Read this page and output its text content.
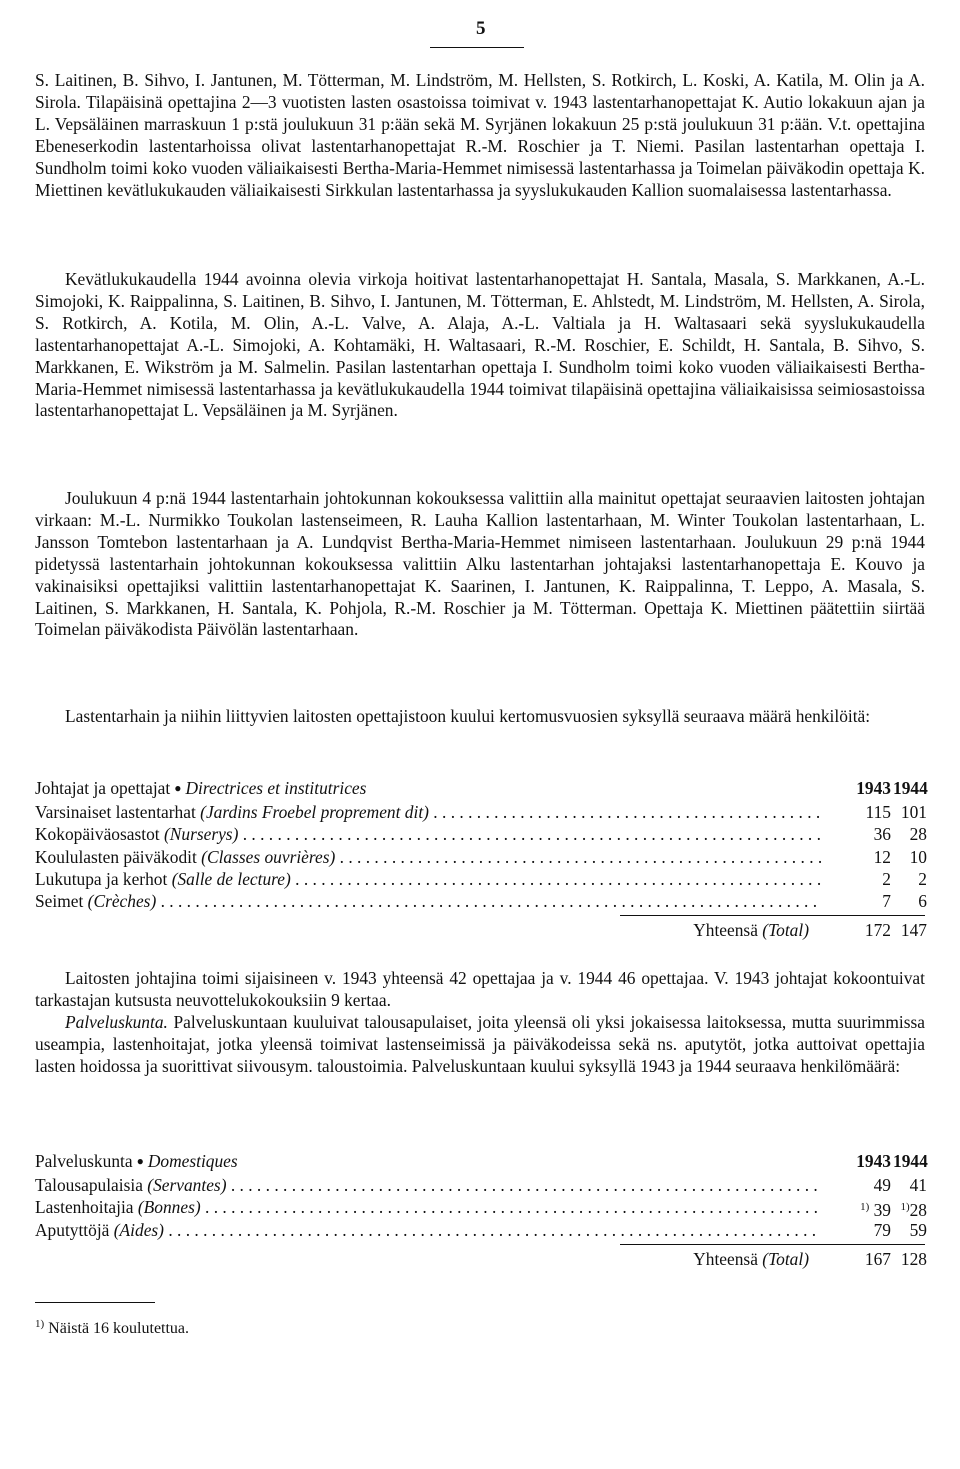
5

S. Laitinen, B. Sihvo, I. Jantunen, M. Tötterman, M. Lindström, M. Hellsten, S. Rotkirch, L. Koski, A. Katila, M. Olin ja A. Sirola. Tilapäisinä opettajina 2—3 vuotisten lasten osastoissa toimivat v. 1943 lastentarhanopettajat K. Autio lokakuun ajan ja L. Vepsäläinen marraskuun 1 p:stä joulukuun 31 p:ään sekä M. Syrjänen lokakuun 25 p:stä joulukuun 31 p:ään. V.t. opettajina Ebeneserkodin lastentarhoissa olivat lastentarhanopettajat R.-M. Roschier ja T. Niemi. Pasilan lastentarhan opettaja I. Sundholm toimi koko vuoden väliaikaisesti Bertha-Maria-Hemmet nimisessä lastentarhassa ja Toimelan päiväkodin opettaja K. Miettinen kevätlukukauden väliaikaisesti Sirkkulan lastentarhassa ja syyslukukauden Kallion suomalaisessa lastentarhassa.

Kevätlukukaudella 1944 avoinna olevia virkoja hoitivat lastentarhanopettajat H. Santala, Masala, S. Markkanen, A.-L. Simojoki, K. Raippalinna, S. Laitinen, B. Sihvo, I. Jantunen, M. Tötterman, E. Ahlstedt, M. Lindström, M. Hellsten, A. Sirola, S. Rotkirch, A. Kotila, M. Olin, A.-L. Valve, A. Alaja, A.-L. Valtiala ja H. Waltasaari sekä syyslukukaudella lastentarhanopettajat A.-L. Simojoki, A. Kohtamäki, H. Waltasaari, R.-M. Roschier, E. Schildt, H. Santala, B. Sihvo, S. Markkanen, E. Wikström ja M. Salmelin. Pasilan lastentarhan opettaja I. Sundholm toimi koko vuoden väliaikaisesti Bertha-Maria-Hemmet nimisessä lastentarhassa ja kevätlukukaudella 1944 toimivat tilapäisinä opettajina väliaikaisissa seimiosastoissa lastentarhanopettajat L. Vepsäläinen ja M. Syrjänen.

Joulukuun 4 p:nä 1944 lastentarhain johtokunnan kokouksessa valittiin alla mainitut opettajat seuraavien laitosten johtajan virkaan: M.-L. Nurmikko Toukolan lastenseimeen, R. Lauha Kallion lastentarhaan, M. Winter Toukolan lastentarhaan, L. Jansson Tomtebon lastentarhaan ja A. Lundqvist Bertha-Maria-Hemmet nimiseen lastentarhaan. Joulukuun 29 p:nä 1944 pidetyssä lastentarhain johtokunnan kokouksessa valittiin Alku lastentarhan johtajaksi lastentarhanopettaja E. Kouvo ja vakinaisiksi opettajiksi valittiin lastentarhanopettajat K. Saarinen, I. Jantunen, K. Raippalinna, T. Leppo, A. Masala, S. Laitinen, S. Markkanen, H. Santala, K. Pohjola, R.-M. Roschier ja M. Tötterman. Opettaja K. Miettinen päätettiin siirtää Toimelan päiväkodista Päivölän lastentarhaan.

Lastentarhain ja niihin liittyvien laitosten opettajistoon kuului kertomusvuosien syksyllä seuraava määrä henkilöitä:

Johtajat ja opettajat ● Directrices et institutrices	1943 1944
Varsinaiset lastentarhat (Jardins Froebel proprement dit) . . .	115 101
Kokopäiväosastot (Nurserys) . . .	36	28
Koululasten päiväkodit (Classes ouvrières) . . .	12	10
Lukutupa ja kerhot (Salle de lecture) . . .	2	2
Seimet (Crèches) . . .	7	6
Yhteensä (Total)	172 147

Laitosten johtajina toimi sijaisineen v. 1943 yhteensä 42 opettajaa ja v. 1944 46 opettajaa. V. 1943 johtajat kokoontuivat tarkastajan kutsusta neuvottelukokouksiin 9 kertaa.

Palveluskunta. Palveluskuntaan kuuluivat talousapulaiset, joita yleensä oli yksi jokaisessa laitoksessa, mutta suurimmissa useampia, lastenhoitajat, jotka yleensä toimivat lastenseimissä ja päiväkodeissa sekä ns. aputytöt, jotka auttoivat opettajia lasten hoidossa ja suorittivat siivousym. taloustoimia. Palveluskuntaan kuului syksyllä 1943 ja 1944 seuraava henkilömäärä:

Palveluskunta ● Domestiques	1943 1944
Talousapulaisia (Servantes) . . .	49	41
Lastenhoitajia (Bonnes) . . .	$^{1)}$ 39 $^{1)}$28
Aputyttöjä (Aides) . . .	79	59
Yhteensä (Total)	167 128
$^{1)}$ Näistä 16 koulutettua.
